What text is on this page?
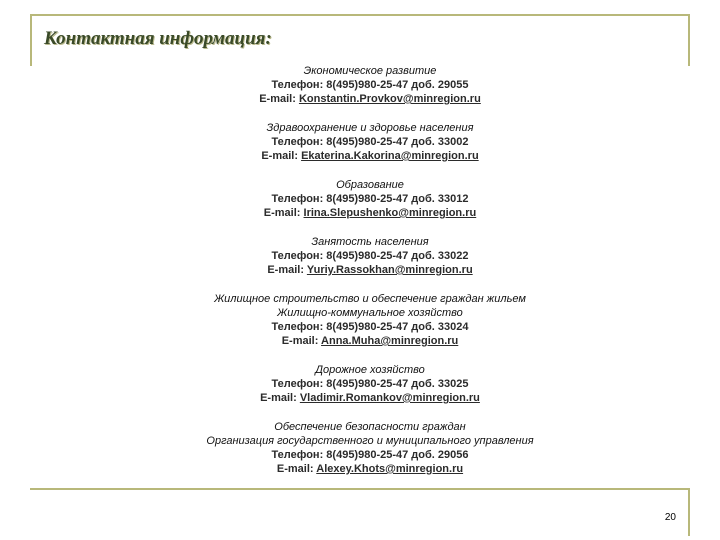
Контактная информация:
Экономическое развитие
Телефон: 8(495)980-25-47 доб. 29055
E-mail: Konstantin.Provkov@minregion.ru
Здравоохранение и здоровье населения
Телефон: 8(495)980-25-47 доб. 33002
E-mail: Ekaterina.Kakorina@minregion.ru
Образование
Телефон: 8(495)980-25-47 доб. 33012
E-mail: Irina.Slepushenko@minregion.ru
Занятость населения
Телефон: 8(495)980-25-47 доб. 33022
E-mail: Yuriy.Rassokhan@minregion.ru
Жилищное строительство и обеспечение граждан жильем
Жилищно-коммунальное хозяйство
Телефон: 8(495)980-25-47 доб. 33024
E-mail: Anna.Muha@minregion.ru
Дорожное хозяйство
Телефон: 8(495)980-25-47 доб. 33025
E-mail: Vladimir.Romankov@minregion.ru
Обеспечение безопасности граждан
Организация государственного и муниципального управления
Телефон: 8(495)980-25-47 доб. 29056
E-mail: Alexey.Khots@minregion.ru
20
